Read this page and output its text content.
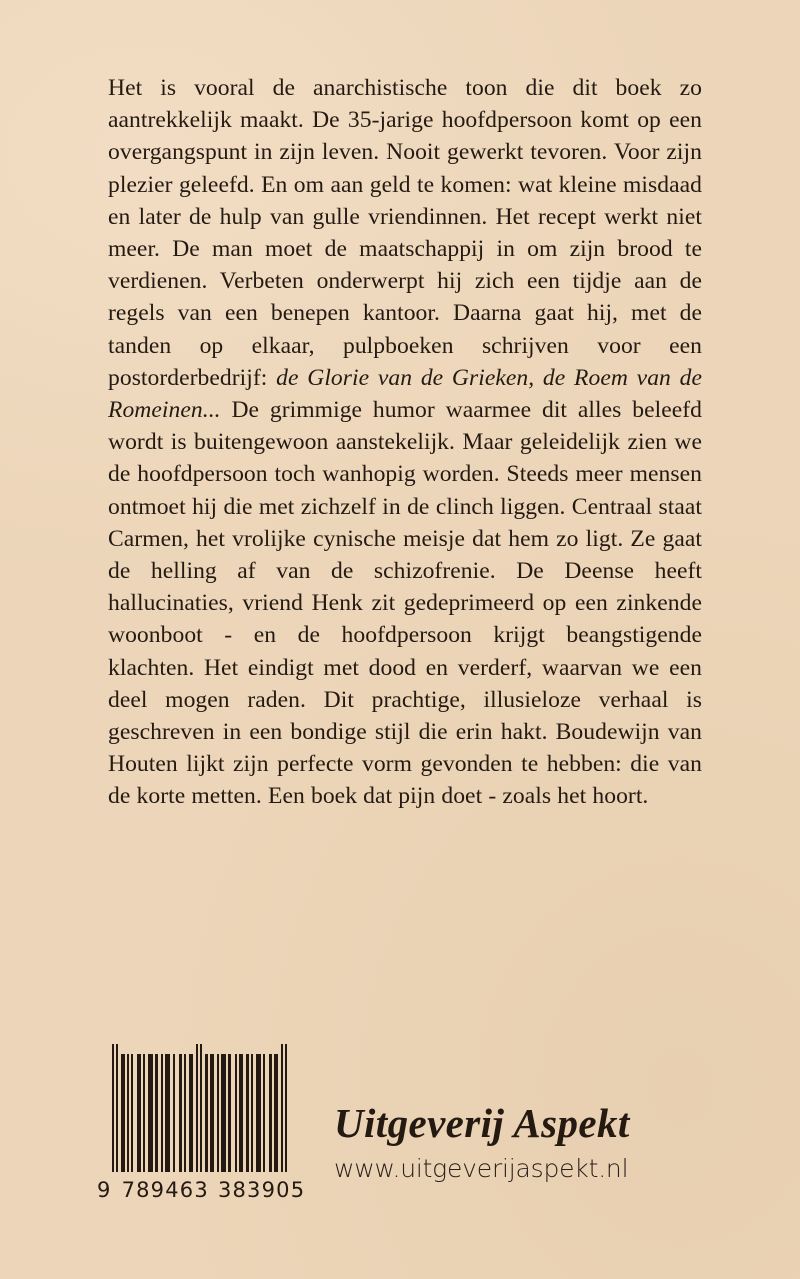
Het is vooral de anarchistische toon die dit boek zo aantrekkelijk maakt. De 35-jarige hoofdpersoon komt op een overgangspunt in zijn leven. Nooit gewerkt tevoren. Voor zijn plezier geleefd. En om aan geld te komen: wat kleine misdaad en later de hulp van gulle vriendinnen. Het recept werkt niet meer. De man moet de maatschappij in om zijn brood te verdienen. Verbeten onderwerpt hij zich een tijdje aan de regels van een benepen kantoor. Daarna gaat hij, met de tanden op elkaar, pulpboeken schrijven voor een postorderbedrijf: de Glorie van de Grieken, de Roem van de Romeinen... De grimmige humor waarmee dit alles beleefd wordt is buitengewoon aanstekelijk. Maar geleidelijk zien we de hoofdpersoon toch wanhopig worden. Steeds meer mensen ontmoet hij die met zichzelf in de clinch liggen. Centraal staat Carmen, het vrolijke cynische meisje dat hem zo ligt. Ze gaat de helling af van de schizofrenie. De Deense heeft hallucinaties, vriend Henk zit gedeprimeerd op een zinkende woonboot - en de hoofdpersoon krijgt beangstigende klachten. Het eindigt met dood en verderf, waarvan we een deel mogen raden. Dit prachtige, illusieloze verhaal is geschreven in een bondige stijl die erin hakt. Boudewijn van Houten lijkt zijn perfecte vorm gevonden te hebben: die van de korte metten. Een boek dat pijn doet - zoals het hoort.

9 789463 383905
Uitgeverij Aspekt
www.uitgeverijaspekt.nl
